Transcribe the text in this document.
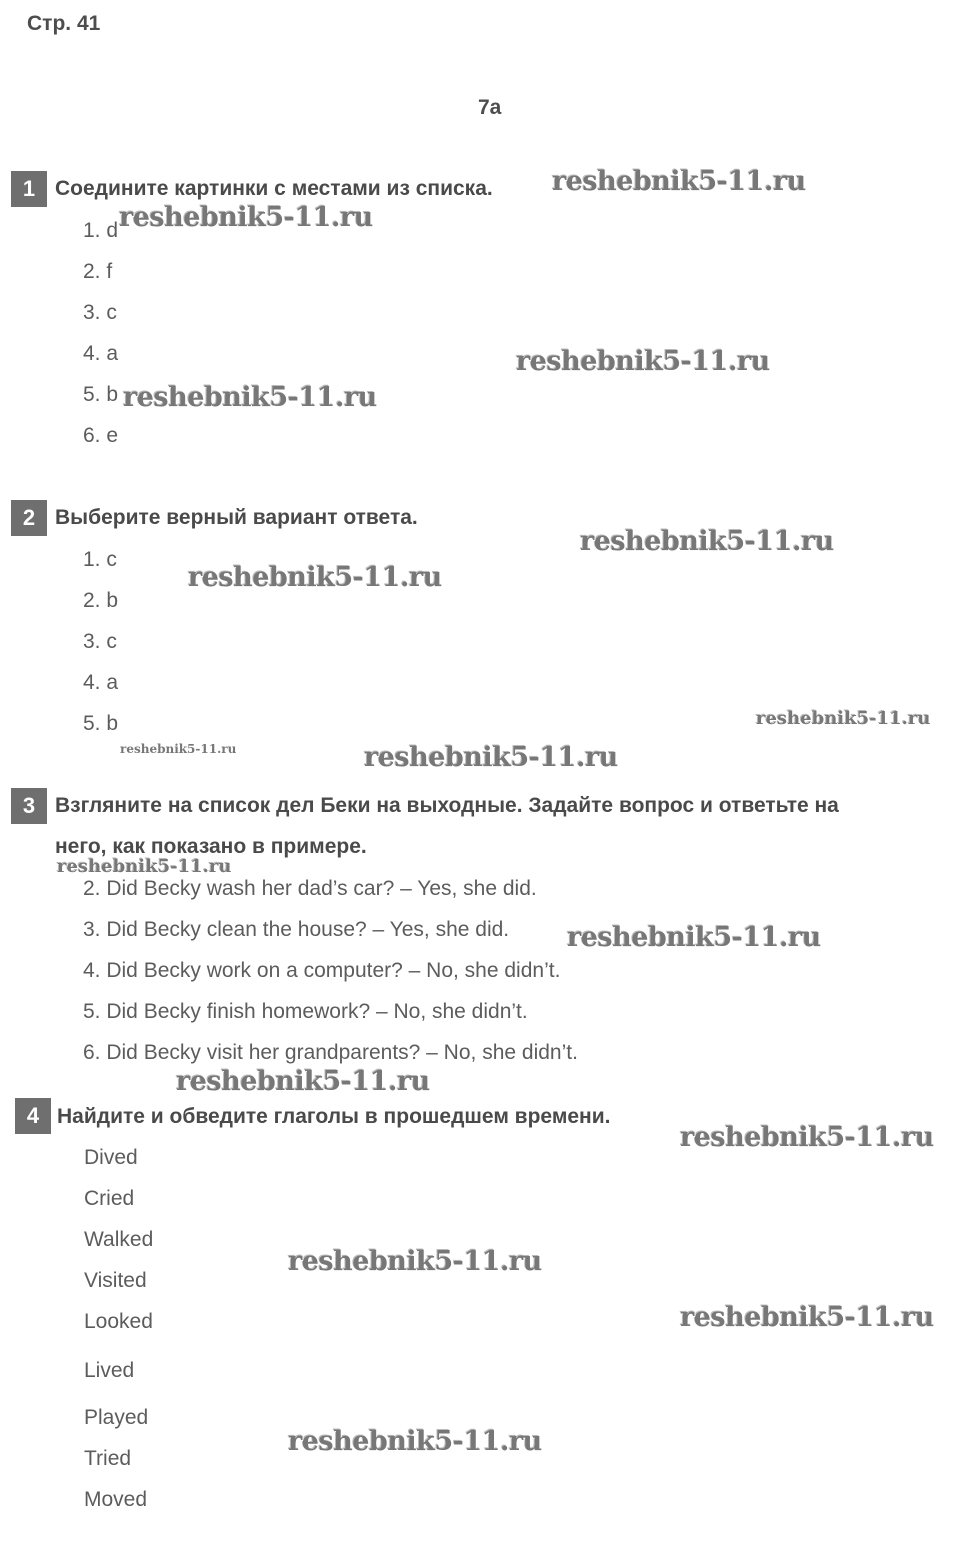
Стр. 41
7a
1 Соедините картинки с местами из списка.
1. d
2. f
3. c
4. a
5. b
6. e
2 Выберите верный вариант ответа.
1. c
2. b
3. c
4. a
5. b
3 Взгляните на список дел Беки на выходные. Задайте вопрос и ответьте на
него, как показано в примере.
2. Did Becky wash her dad’s car? – Yes, she did.
3. Did Becky clean the house? – Yes, she did.
4. Did Becky work on a computer? – No, she didn’t.
5. Did Becky finish homework? – No, she didn’t.
6. Did Becky visit her grandparents? – No, she didn’t.
4 Найдите и обведите глаголы в прошедшем времени.
Dived
Cried
Walked
Visited
Looked
Lived
Played
Tried
Moved
reshebnik5-11.ru
reshebnik5-11.ru
reshebnik5-11.ru
reshebnik5-11.ru
reshebnik5-11.ru
reshebnik5-11.ru
reshebnik5-11.ru
reshebnik5-11.ru	reshebnik5-11.ru
reshebnik5-11.ru
reshebnik5-11.ru
reshebnik5-11.ru
reshebnik5-11.ru
reshebnik5-11.ru
reshebnik5-11.ru
reshebnik5-11.ru
